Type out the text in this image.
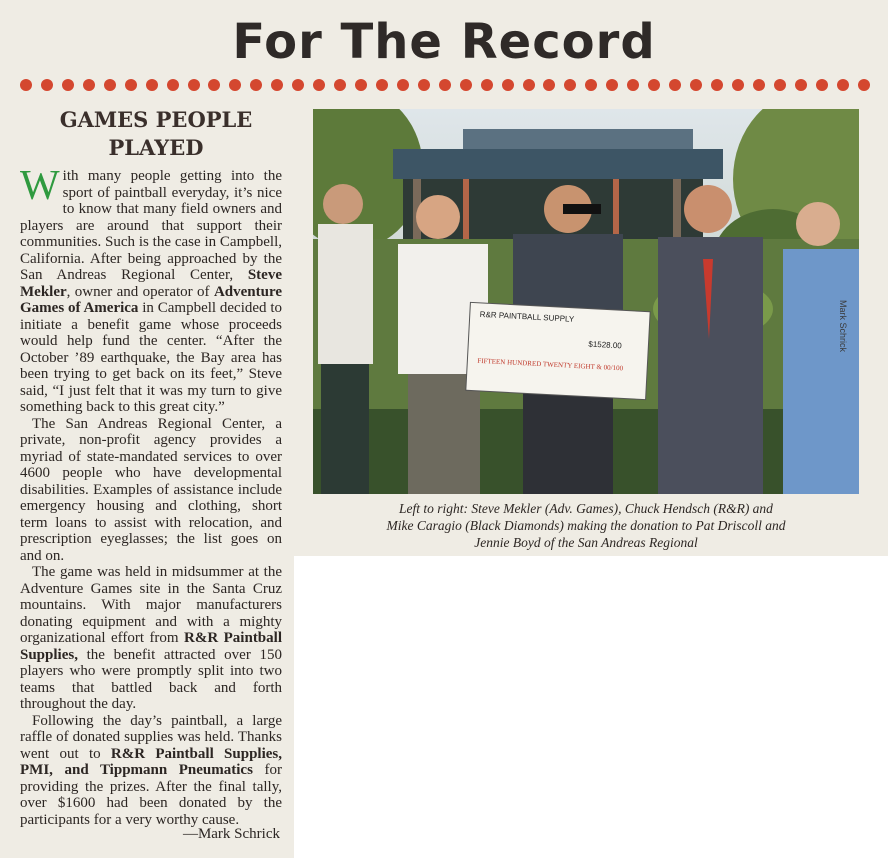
For The Record
GAMES PEOPLE
PLAYED

With many people getting into the sport of paintball everyday, it’s nice to know that many field owners and players are around that support their communities. Such is the case in Campbell, California. After being approached by the San Andreas Regional Center, Steve Mekler, owner and operator of Adventure Games of America in Campbell decided to initiate a benefit game whose proceeds would help fund the center. “After the October ’89 earthquake, the Bay area has been trying to get back on its feet,” Steve said, “I just felt that it was my turn to give something back to this great city.”

The San Andreas Regional Center, a private, non-profit agency provides a myriad of state-mandated services to over 4600 people who have developmental disabilities. Examples of assistance include emergency housing and clothing, short term loans to assist with relocation, and prescription eyeglasses; the list goes on and on.

The game was held in midsummer at the Adventure Games site in the Santa Cruz mountains. With major manufacturers donating equipment and with a mighty organizational effort from R&R Paintball Supplies, the benefit attracted over 150 players who were promptly split into two teams that battled back and forth throughout the day.

Following the day’s paintball, a large raffle of donated supplies was held. Thanks went out to R&R Paintball Supplies, PMI, and Tippmann Pneumatics for providing the prizes. After the final tally, over $1600 had been donated by the participants for a very worthy cause.

—Mark Schrick
R&R PAINTBALL SUPPLY
$1528.00
FIFTEEN HUNDRED TWENTY EIGHT & 00/100
Mark Schrick
Left to right: Steve Mekler (Adv. Games), Chuck Hendsch (R&R) and
Mike Caragio (Black Diamonds) making the donation to Pat Driscoll and
Jennie Boyd of the San Andreas Regional
